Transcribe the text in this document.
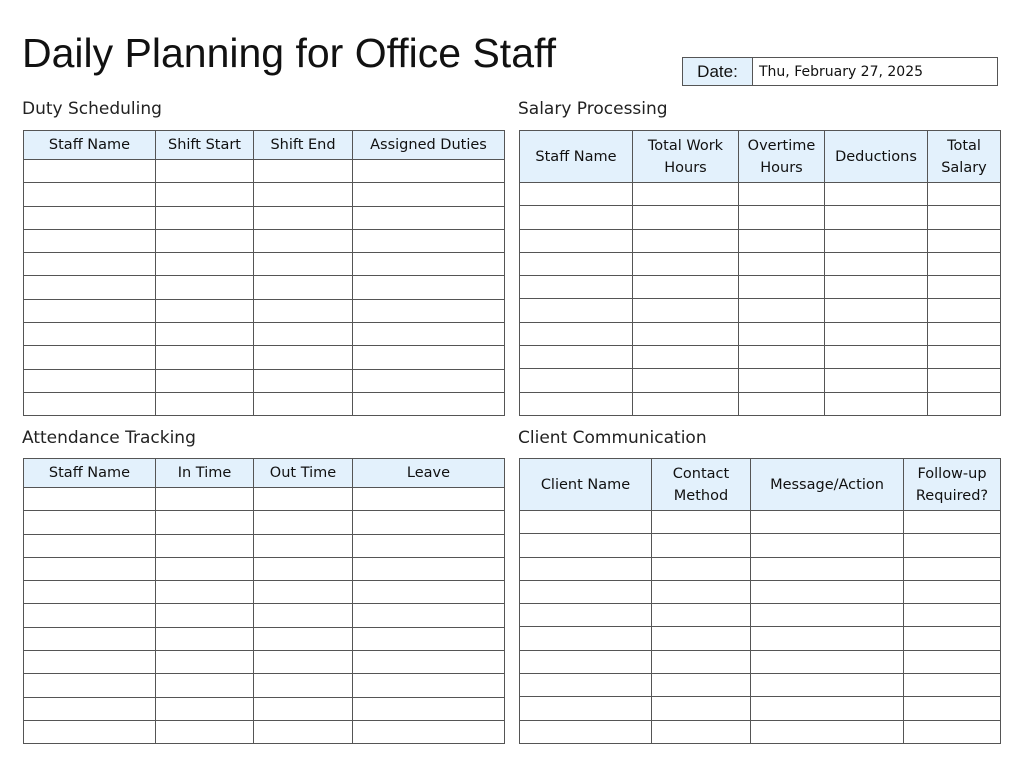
Daily Planning for Office Staff	Date:	Thu, February 27, 2025
Duty Scheduling
Staff Name	Shift Start	Shift End	Assigned Duties

Salary Processing
Staff Name	Total Work Hours	Overtime Hours	Deductions	Total Salary

Attendance Tracking
Staff Name	In Time	Out Time	Leave

Client Communication
Client Name	Contact Method	Message/Action	Follow-up Required?
